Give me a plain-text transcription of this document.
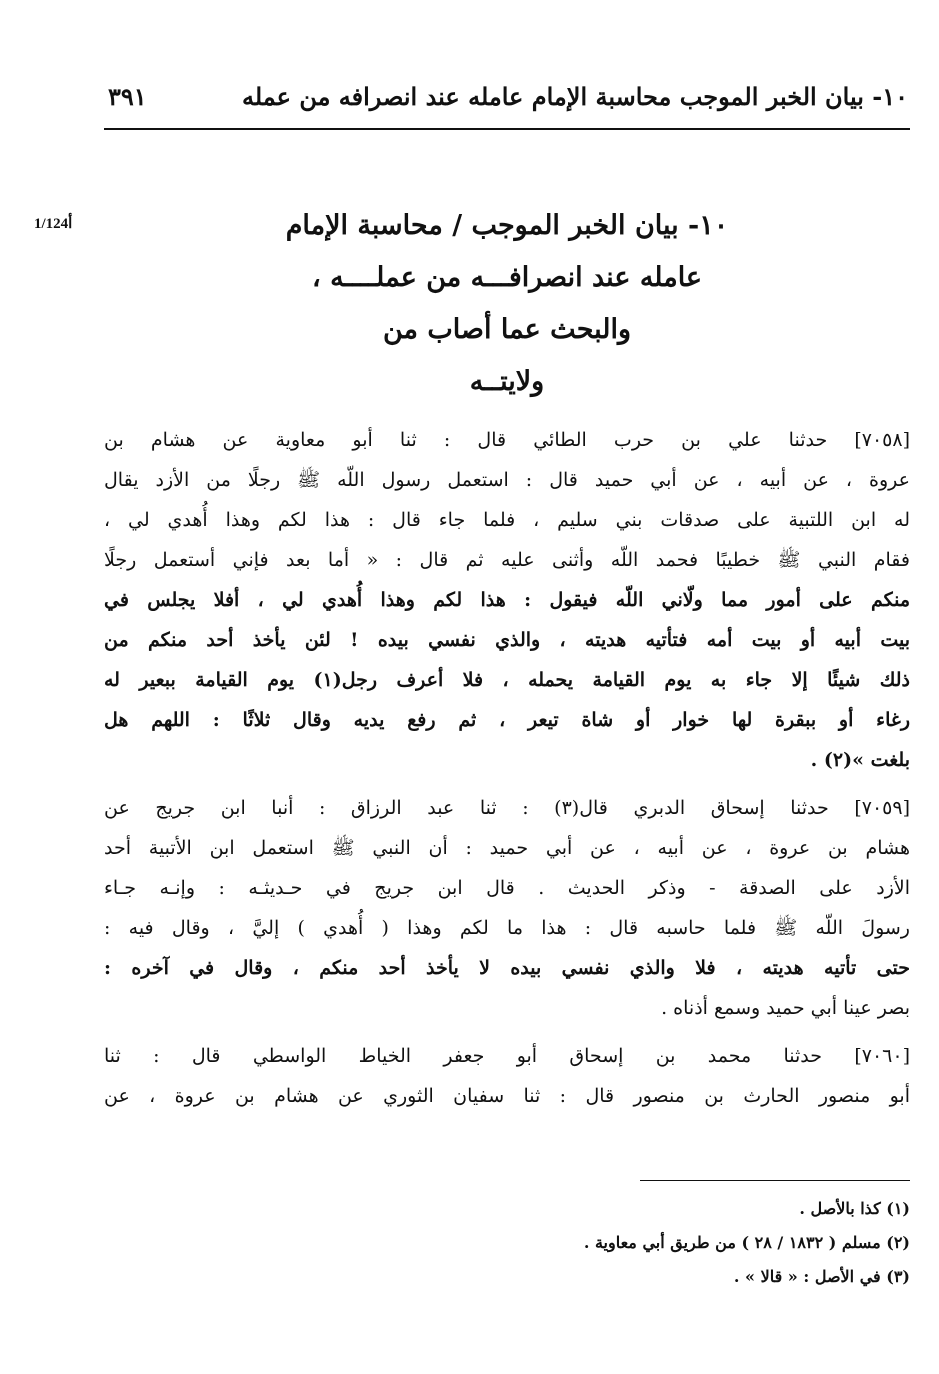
١٠- بيان الخبر الموجب محاسبة الإمام عامله عند انصرافه من عمله
٣٩١
1/124أ	١٠- بيان الخبر الموجب / محاسبة الإمام
عامله عند انصرافـــه من عملــــه ،
والبحث عما أصاب من
ولايتــه
[٧٠٥٨] حدثنا علي بن حرب الطائي قال : ثنا أبو معاوية عن هشام بن
عروة ، عن أبيه ، عن أبي حميد قال : استعمل رسول اللّه ﷺ رجلًا من الأزد يقال
له ابن اللتبية على صدقات بني سليم ، فلما جاء قال : هذا لكم وهذا أُهدي لي ،
فقام النبي ﷺ خطيبًا فحمد اللّه وأثنى عليه ثم قال : « أما بعد فإني أستعمل رجلًا
منكم على أمور مما ولّاني اللّه فيقول : هذا لكم وهذا أُهدي لي ، أفلا يجلس في
بيت أبيه أو بيت أمه فتأتيه هديته ، والذي نفسي بيده ! لئن يأخذ أحد منكم من
ذلك شيئًا إلا جاء به يوم القيامة يحمله ، فلا أعرف رجل(١) يوم القيامة ببعير له
رغاء أو ببقرة لها خوار أو شاة تيعر ، ثم رفع يديه وقال ثلاثًا : اللهم هل
بلغت »(٢) .
[٧٠٥٩] حدثنا إسحاق الدبري قال(٣) : ثنا عبد الرزاق : أنبا ابن جريج عن
هشام بن عروة ، عن أبيه ، عن أبي حميد : أن النبي ﷺ استعمل ابن الأتبية أحد
الأزد على الصدقة - وذكر الحديث . قال ابن جريج في حـديثـه : وإنـه جـاء
رسولَ اللّه ﷺ فلما حاسبه قال : هذا ما لكم وهذا ( أُهدي ) إليَّ ، وقال فيه :
حتى تأتيه هديته ، فلا والذي نفسي بيده لا يأخذ أحد منكم ، وقال في آخره :
بصر عينا أبي حميد وسمع أذناه .
[٧٠٦٠] حدثنا محمد بن إسحاق أبو جعفر الخياط الواسطي قال : ثنا
أبو منصور الحارث بن منصور قال : ثنا سفيان الثوري عن هشام بن عروة ، عن
(١) كذا بالأصل .
(٢) مسلم ( ١٨٣٢ / ٢٨ ) من طريق أبي معاوية .
(٣) في الأصل : « قالا » .
